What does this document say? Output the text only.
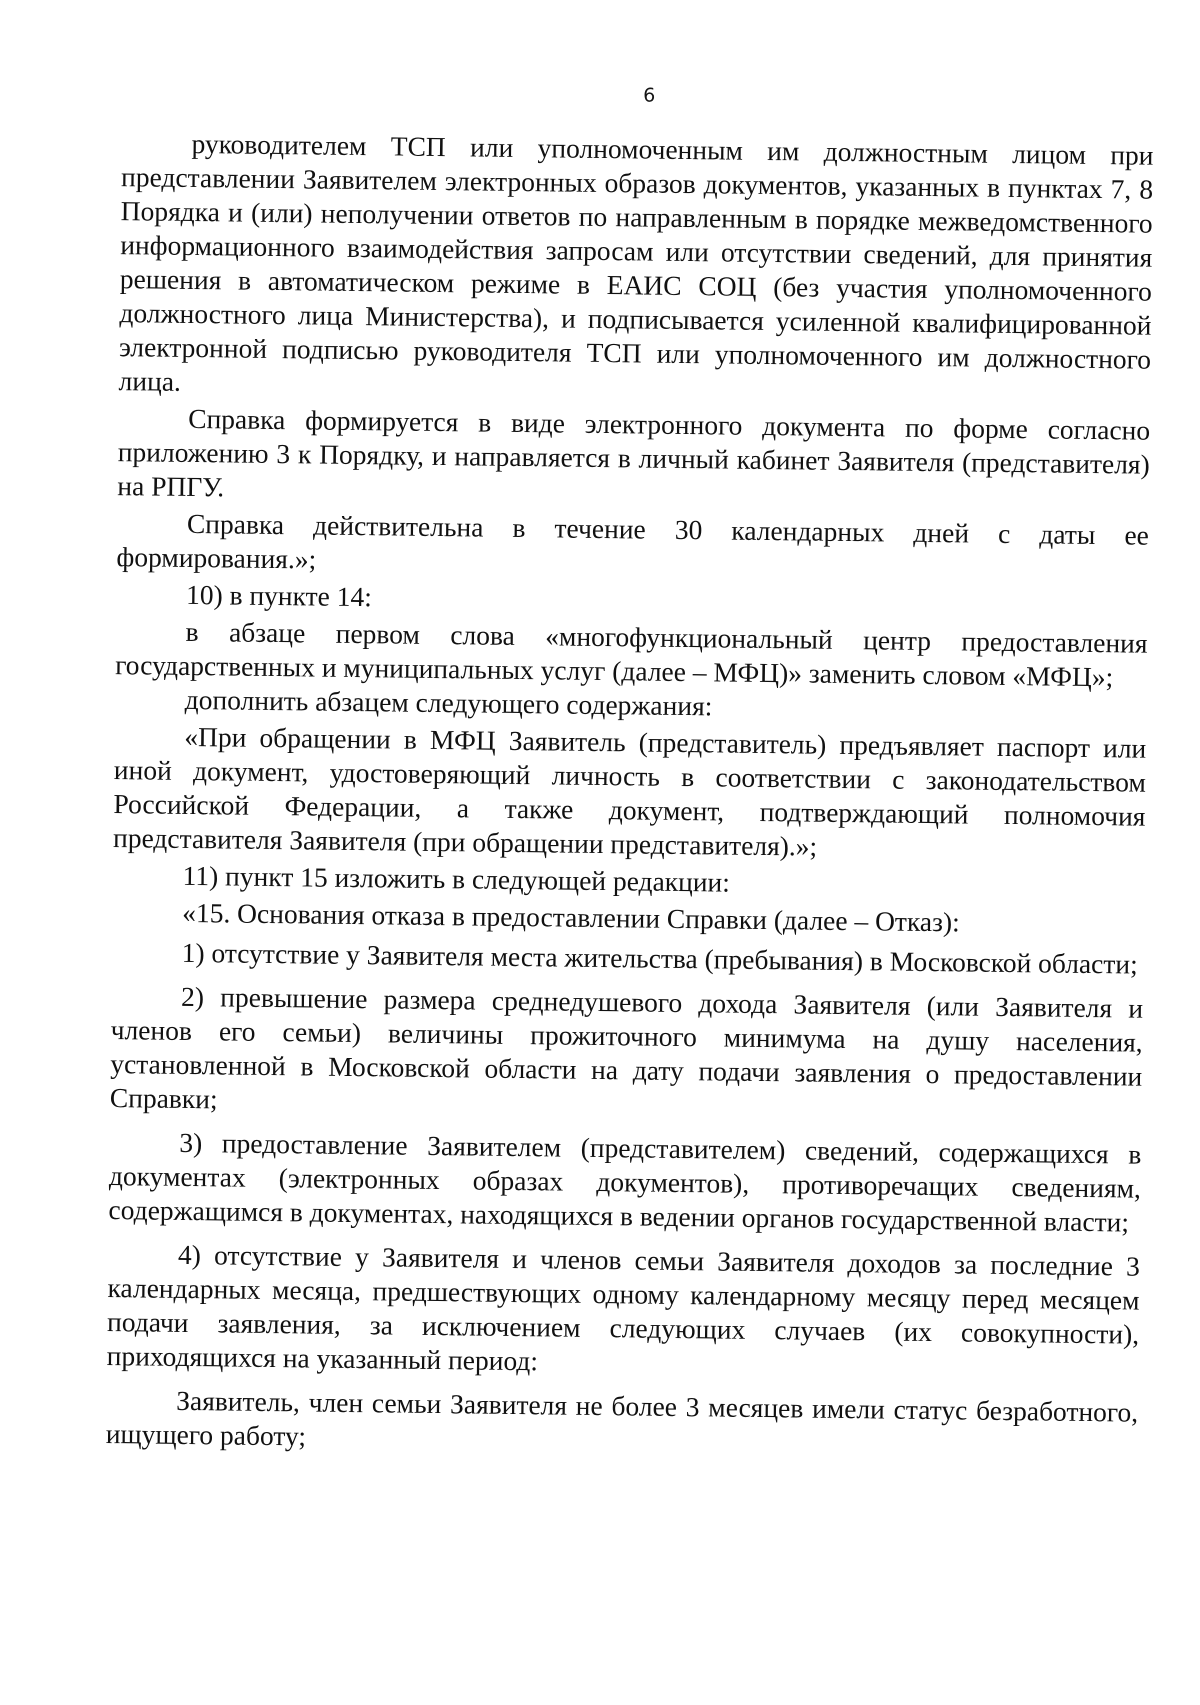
6

руководителем ТСП или уполномоченным им должностным лицом при представлении Заявителем электронных образов документов, указанных в пунктах 7, 8 Порядка и (или) неполучении ответов по направленным в порядке межведомственного информационного взаимодействия запросам или отсутствии сведений, для принятия решения в автоматическом режиме в ЕАИС СОЦ (без участия уполномоченного должностного лица Министерства), и подписывается усиленной квалифицированной электронной подписью руководителя ТСП или уполномоченного им должностного лица.

Справка формируется в виде электронного документа по форме согласно приложению 3 к Порядку, и направляется в личный кабинет Заявителя (представителя) на РПГУ.

Справка действительна в течение 30 календарных дней с даты ее формирования.»;

10) в пункте 14:

в абзаце первом слова «многофункциональный центр предоставления государственных и муниципальных услуг (далее – МФЦ)» заменить словом «МФЦ»;

дополнить абзацем следующего содержания:

«При обращении в МФЦ Заявитель (представитель) предъявляет паспорт или иной документ, удостоверяющий личность в соответствии с законодательством Российской Федерации, а также документ, подтверждающий полномочия представителя Заявителя (при обращении представителя).»;

11) пункт 15 изложить в следующей редакции:

«15. Основания отказа в предоставлении Справки (далее – Отказ):

1) отсутствие у Заявителя места жительства (пребывания) в Московской области;

2) превышение размера среднедушевого дохода Заявителя (или Заявителя и членов его семьи) величины прожиточного минимума на душу населения, установленной в Московской области на дату подачи заявления о предоставлении Справки;

3) предоставление Заявителем (представителем) сведений, содержащихся в документах (электронных образах документов), противоречащих сведениям, содержащимся в документах, находящихся в ведении органов государственной власти;

4) отсутствие у Заявителя и членов семьи Заявителя доходов за последние 3 календарных месяца, предшествующих одному календарному месяцу перед месяцем подачи заявления, за исключением следующих случаев (их совокупности), приходящихся на указанный период:

Заявитель, член семьи Заявителя не более 3 месяцев имели статус безработного, ищущего работу;
